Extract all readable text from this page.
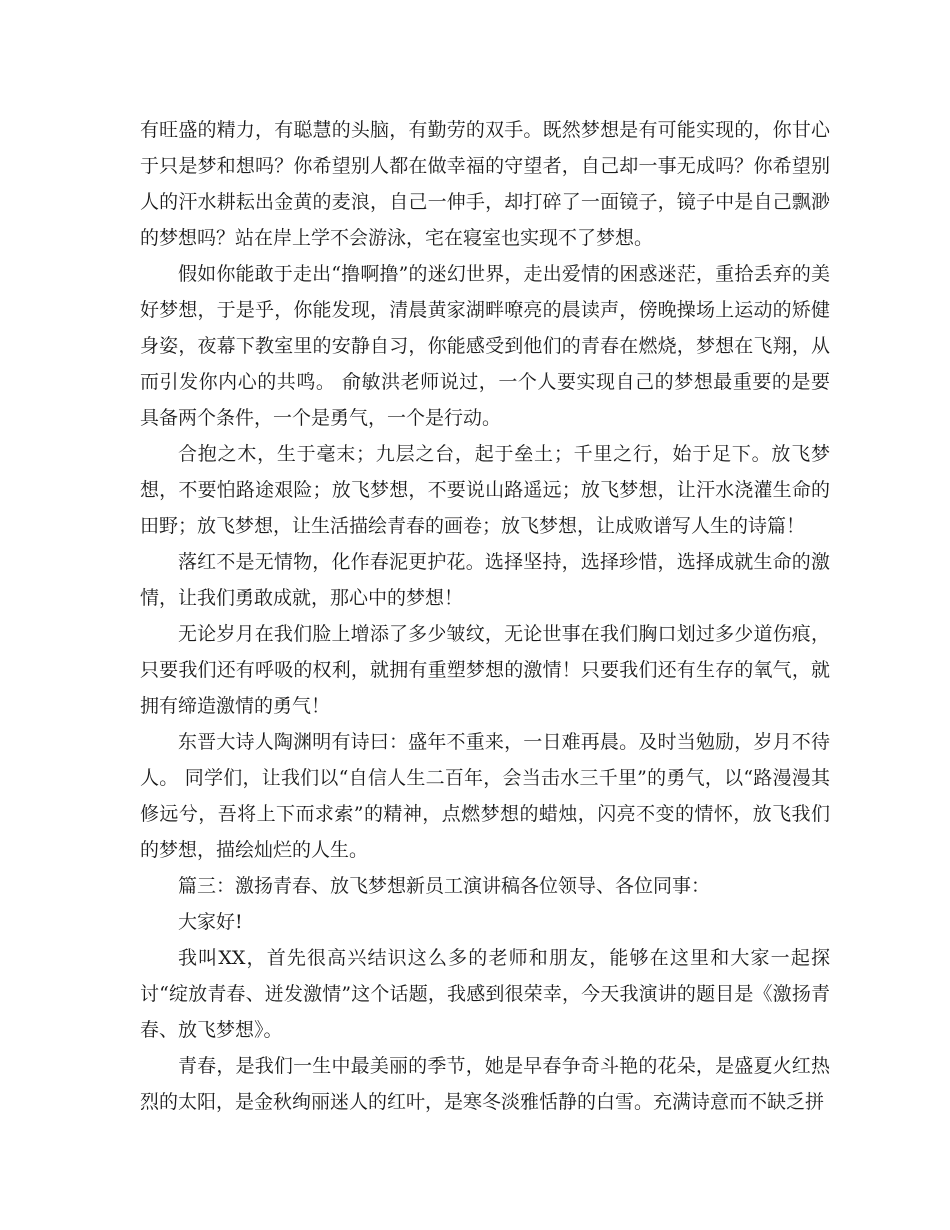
有旺盛的精力，有聪慧的头脑，有勤劳的双手。既然梦想是有可能实现的，你甘心于只是梦和想吗？你希望别人都在做幸福的守望者，自己却一事无成吗？你希望别人的汗水耕耘出金黄的麦浪，自己一伸手，却打碎了一面镜子，镜子中是自己飘渺的梦想吗？站在岸上学不会游泳，宅在寝室也实现不了梦想。

假如你能敢于走出“撸啊撸”的迷幻世界，走出爱情的困惑迷茫，重拾丢弃的美好梦想，于是乎，你能发现，清晨黄家湖畔嘹亮的晨读声，傍晚操场上运动的矫健身姿，夜幕下教室里的安静自习，你能感受到他们的青春在燃烧，梦想在飞翔，从而引发你内心的共鸣。 俞敏洪老师说过，一个人要实现自己的梦想最重要的是要具备两个条件，一个是勇气，一个是行动。

合抱之木，生于毫末；九层之台，起于垒土；千里之行，始于足下。放飞梦想，不要怕路途艰险；放飞梦想，不要说山路遥远；放飞梦想，让汗水浇灌生命的田野；放飞梦想，让生活描绘青春的画卷；放飞梦想，让成败谱写人生的诗篇！

落红不是无情物，化作春泥更护花。选择坚持，选择珍惜，选择成就生命的激情，让我们勇敢成就，那心中的梦想！

无论岁月在我们脸上增添了多少皱纹，无论世事在我们胸口划过多少道伤痕，只要我们还有呼吸的权利，就拥有重塑梦想的激情！只要我们还有生存的氧气，就拥有缔造激情的勇气！

东晋大诗人陶渊明有诗曰：盛年不重来，一日难再晨。及时当勉励，岁月不待人。 同学们，让我们以“自信人生二百年，会当击水三千里”的勇气，以“路漫漫其修远兮，吾将上下而求索”的精神，点燃梦想的蜡烛，闪亮不变的情怀，放飞我们的梦想，描绘灿烂的人生。

篇三：激扬青春、放飞梦想新员工演讲稿各位领导、各位同事：

大家好!

我叫XX，首先很高兴结识这么多的老师和朋友，能够在这里和大家一起探讨“绽放青春、迸发激情”这个话题，我感到很荣幸，今天我演讲的题目是《激扬青春、放飞梦想》。

青春，是我们一生中最美丽的季节，她是早春争奇斗艳的花朵，是盛夏火红热烈的太阳，是金秋绚丽迷人的红叶，是寒冬淡雅恬静的白雪。充满诗意而不缺乏拼
